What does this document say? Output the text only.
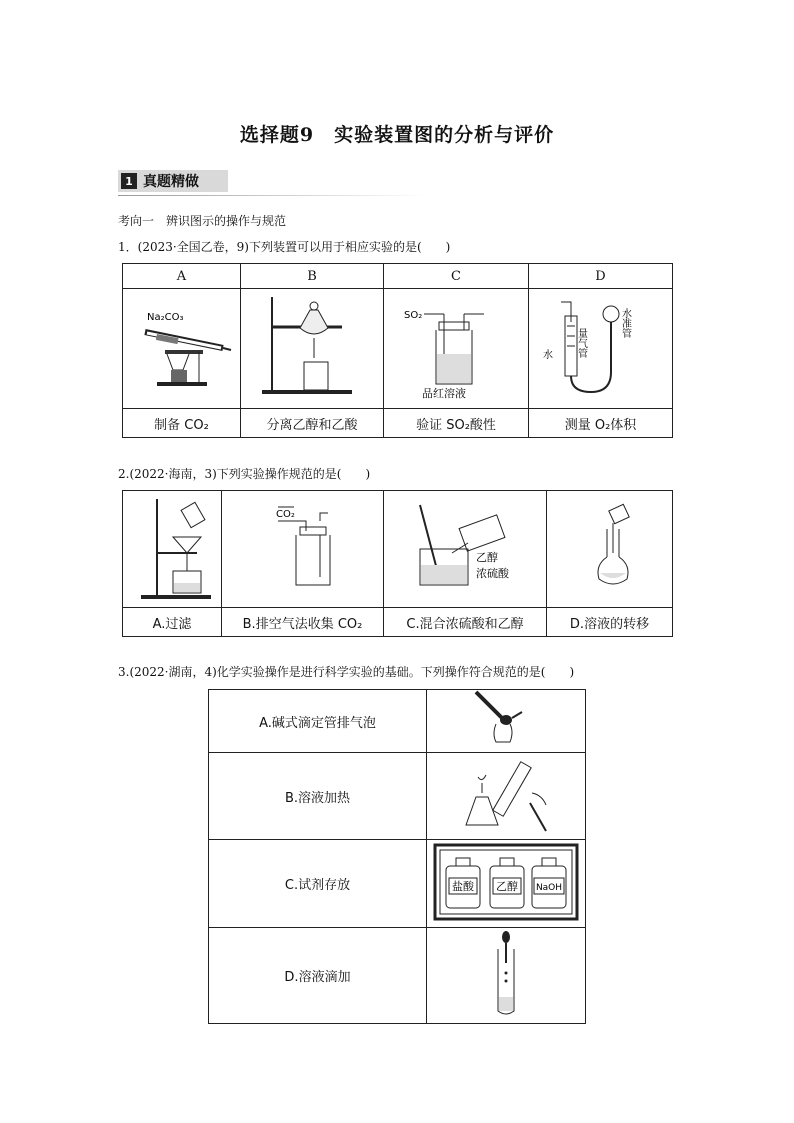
选择题9　实验装置图的分析与评价
1 真题精做
考向一　辨识图示的操作与规范
1．(2023·全国乙卷，9)下列装置可以用于相应实验的是(　　)
A	B	C	D

Na₂CO₃		SO₂
品红溶液	水 量气管
水准管

制备 CO₂	分离乙醇和乙酸	验证 SO₂酸性	测量 O₂体积
2.(2022·海南，3)下列实验操作规范的是(　　)

CO₂	乙醇
浓硫酸

A.过滤	B.排空气法收集 CO₂	C.混合浓硫酸和乙醇	D.溶液的转移
3.(2022·湖南，4)化学实验操作是进行科学实验的基础。下列操作符合规范的是(　　)
A.碱式滴定管排气泡	
B.溶液加热	
C.试剂存放	盐酸 乙醇 NaOH

D.溶液滴加	
